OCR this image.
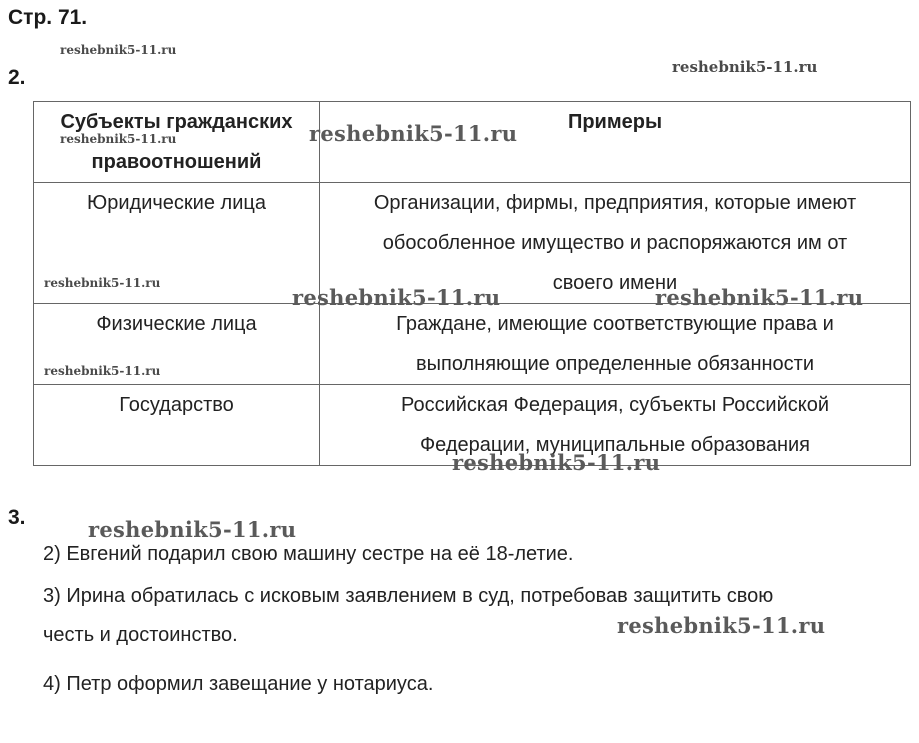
Стр. 71.
2.
Субъекты гражданских
правоотношений	Примеры
Юридические лица	Организации, фирмы, предприятия, которые имеют
обособленное имущество и распоряжаются им от
своего имени

Физические лица	Граждане, имеющие соответствующие права и
выполняющие определенные обязанности

Государство	Российская Федерация, субъекты Российской
Федерации, муниципальные образования
3.
2) Евгений подарил свою машину сестре на её 18-летие.
3) Ирина обратилась с исковым заявлением в суд, потребовав защитить свою
честь и достоинство.
4) Петр оформил завещание у нотариуса.
reshebnik5-11.ru
reshebnik5-11.ru
reshebnik5-11.ru	reshebnik5-11.ru
reshebnik5-11.ru
reshebnik5-11.ru	reshebnik5-11.ru
reshebnik5-11.ru
reshebnik5-11.ru
reshebnik5-11.ru
reshebnik5-11.ru
